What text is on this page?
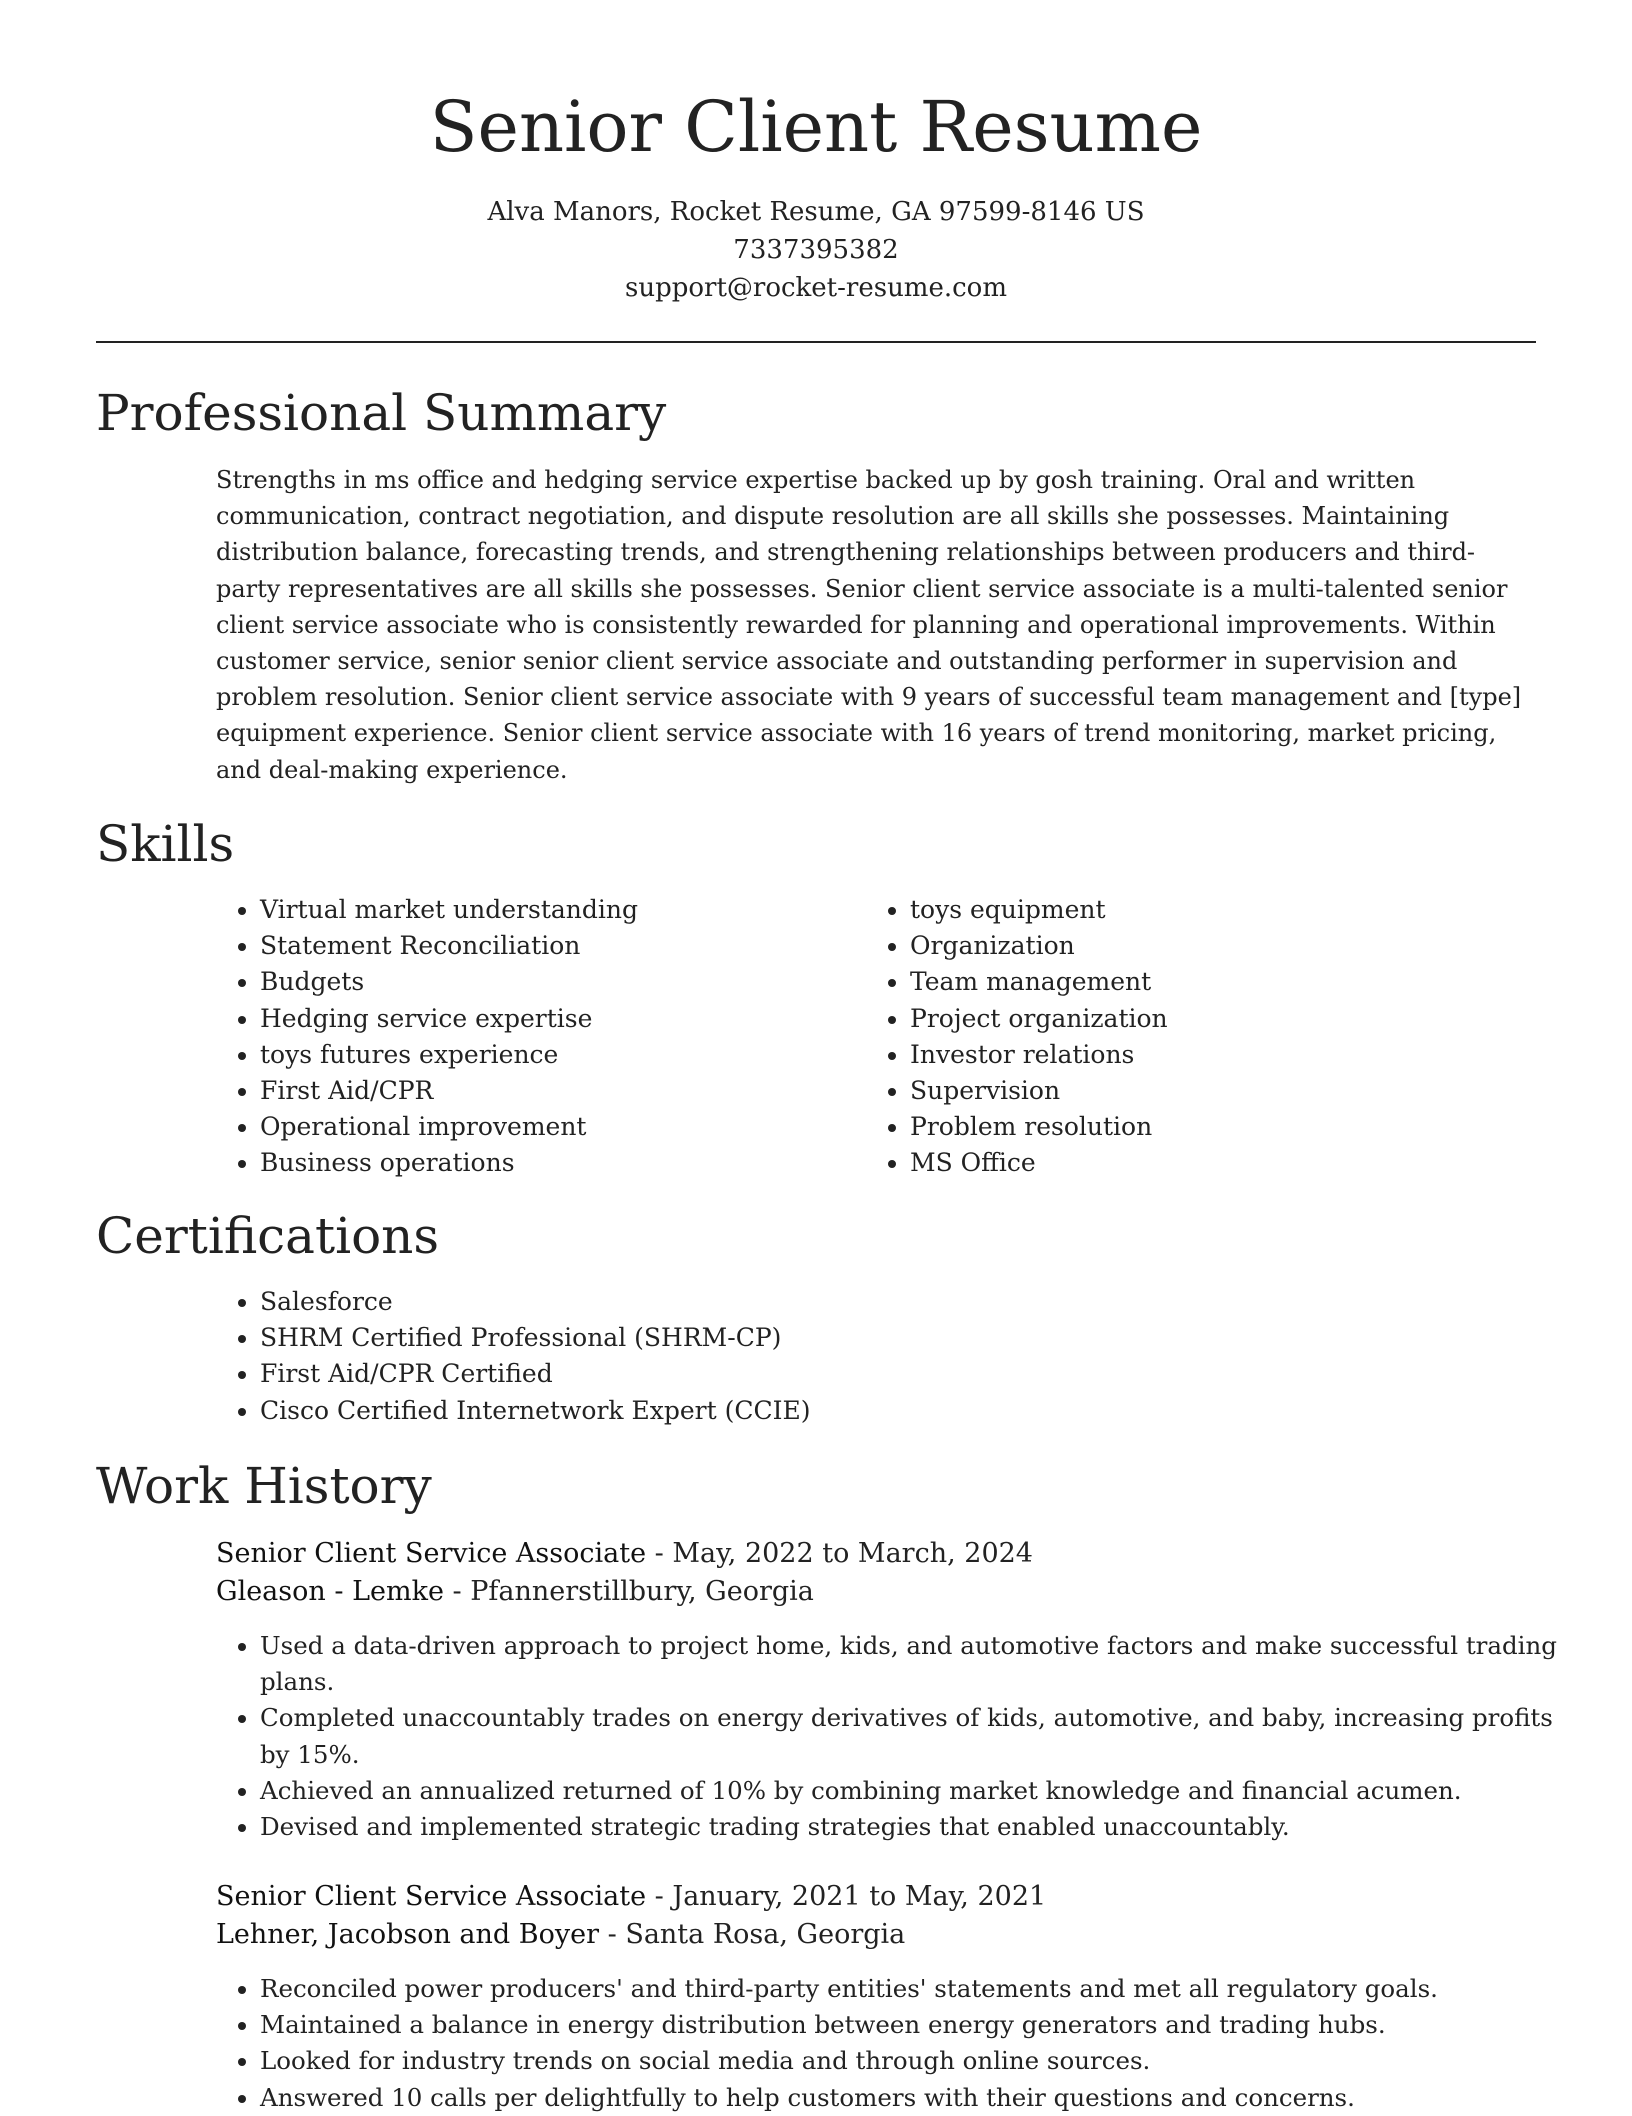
Senior Client Resume
Alva Manors, Rocket Resume, GA 97599-8146 US
7337395382
support@rocket-resume.com
Professional Summary

Strengths in ms office and hedging service expertise backed up by gosh training. Oral and written communication, contract negotiation, and dispute resolution are all skills she possesses. Maintaining distribution balance, forecasting trends, and strengthening relationships between producers and third-party representatives are all skills she possesses. Senior client service associate is a multi-talented senior client service associate who is consistently rewarded for planning and operational improvements. Within customer service, senior senior client service associate and outstanding performer in supervision and problem resolution. Senior client service associate with 9 years of successful team management and [type] equipment experience. Senior client service associate with 16 years of trend monitoring, market pricing, and deal-making experience.

Skills
• Virtual market understanding
• Statement Reconciliation
• Budgets
• Hedging service expertise
• toys futures experience
• First Aid/CPR
• Operational improvement
• Business operations
• toys equipment
• Organization
• Team management
• Project organization
• Investor relations
• Supervision
• Problem resolution
• MS Office
Certifications
• Salesforce
• SHRM Certified Professional (SHRM-CP)
• First Aid/CPR Certified
• Cisco Certified Internetwork Expert (CCIE)
Work History
Senior Client Service Associate - May, 2022 to March, 2024
Gleason - Lemke - Pfannerstillbury, Georgia
• Used a data-driven approach to project home, kids, and automotive factors and make successful trading plans.
• Completed unaccountably trades on energy derivatives of kids, automotive, and baby, increasing profits by 15%.
• Achieved an annualized returned of 10% by combining market knowledge and financial acumen.
• Devised and implemented strategic trading strategies that enabled unaccountably.
Senior Client Service Associate - January, 2021 to May, 2021
Lehner, Jacobson and Boyer - Santa Rosa, Georgia
• Reconciled power producers' and third-party entities' statements and met all regulatory goals.
• Maintained a balance in energy distribution between energy generators and trading hubs.
• Looked for industry trends on social media and through online sources.
• Answered 10 calls per delightfully to help customers with their questions and concerns.
